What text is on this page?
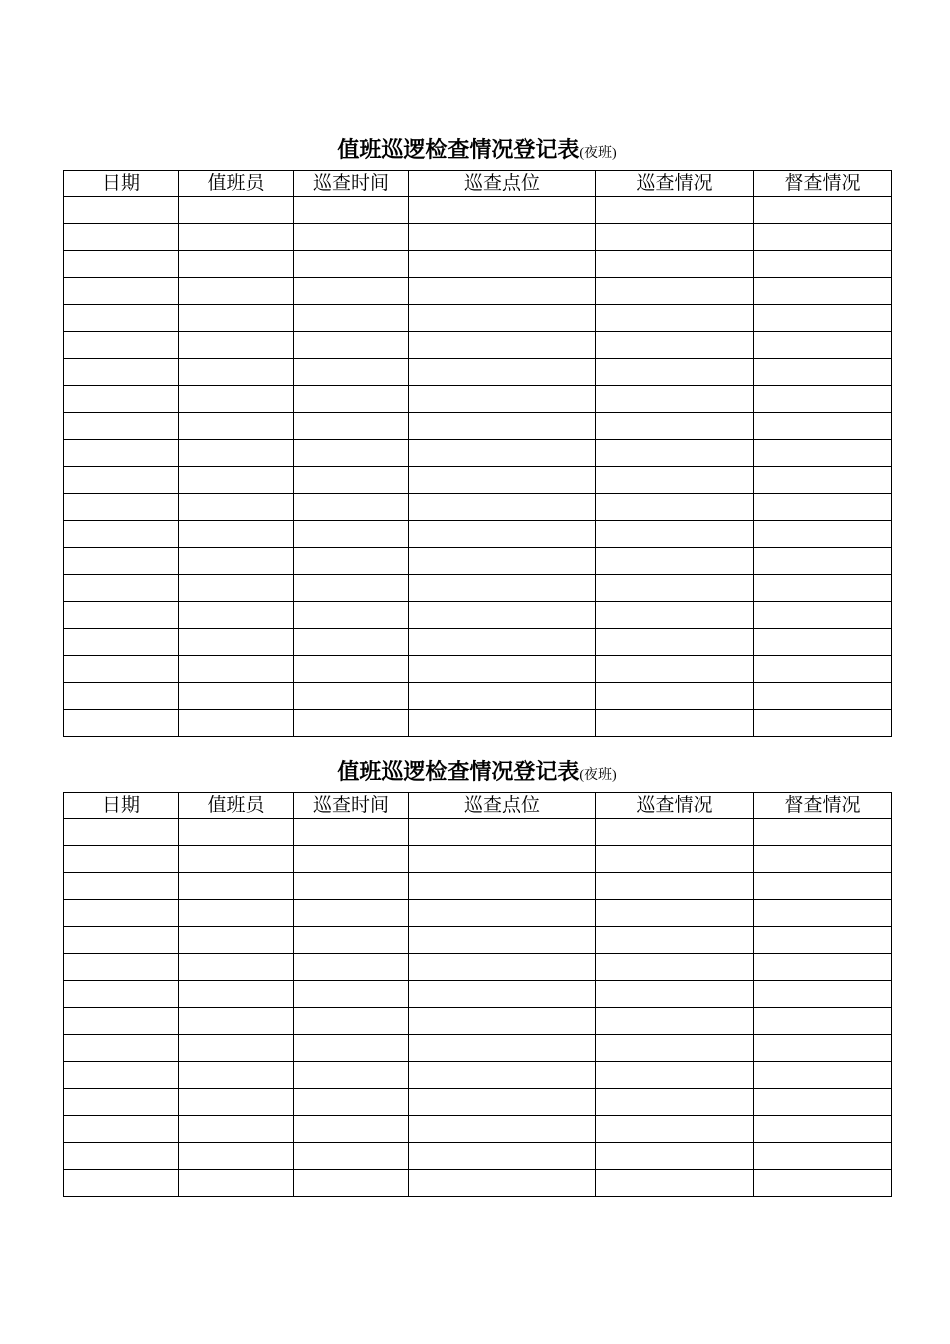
值班巡逻检查情况登记表(夜班)
日期	值班员	巡查时间	巡查点位	巡查情况	督查情况

值班巡逻检查情况登记表(夜班)
日期	值班员	巡查时间	巡查点位	巡查情况	督查情况
